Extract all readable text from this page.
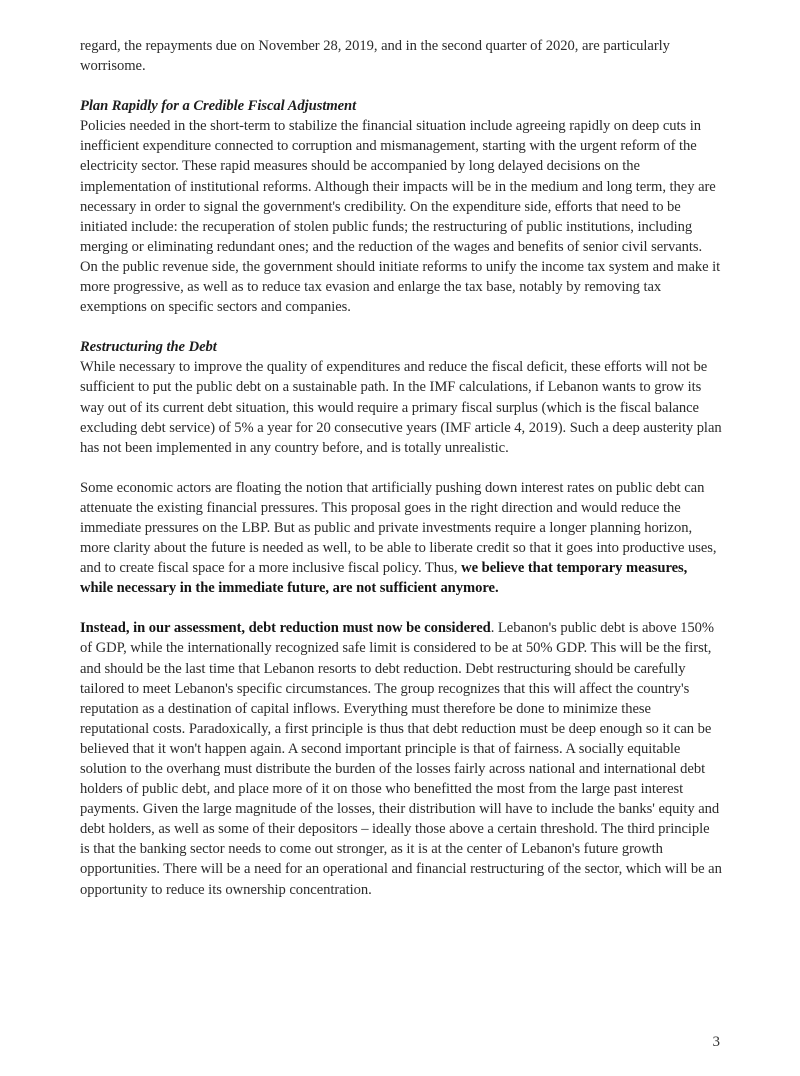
regard, the repayments due on November 28, 2019, and in the second quarter of 2020, are particularly worrisome.

Plan Rapidly for a Credible Fiscal Adjustment

Policies needed in the short-term to stabilize the financial situation include agreeing rapidly on deep cuts in inefficient expenditure connected to corruption and mismanagement, starting with the urgent reform of the electricity sector. These rapid measures should be accompanied by long delayed decisions on the implementation of institutional reforms. Although their impacts will be in the medium and long term, they are necessary in order to signal the government's credibility. On the expenditure side, efforts that need to be initiated include: the recuperation of stolen public funds; the restructuring of public institutions, including merging or eliminating redundant ones; and the reduction of the wages and benefits of senior civil servants. On the public revenue side, the government should initiate reforms to unify the income tax system and make it more progressive, as well as to reduce tax evasion and enlarge the tax base, notably by removing tax exemptions on specific sectors and companies.

Restructuring the Debt

While necessary to improve the quality of expenditures and reduce the fiscal deficit, these efforts will not be sufficient to put the public debt on a sustainable path. In the IMF calculations, if Lebanon wants to grow its way out of its current debt situation, this would require a primary fiscal surplus (which is the fiscal balance excluding debt service) of 5% a year for 20 consecutive years (IMF article 4, 2019). Such a deep austerity plan has not been implemented in any country before, and is totally unrealistic.

Some economic actors are floating the notion that artificially pushing down interest rates on public debt can attenuate the existing financial pressures. This proposal goes in the right direction and would reduce the immediate pressures on the LBP. But as public and private investments require a longer planning horizon, more clarity about the future is needed as well, to be able to liberate credit so that it goes into productive uses, and to create fiscal space for a more inclusive fiscal policy. Thus, we believe that temporary measures, while necessary in the immediate future, are not sufficient anymore.

Instead, in our assessment, debt reduction must now be considered. Lebanon's public debt is above 150% of GDP, while the internationally recognized safe limit is considered to be at 50% GDP. This will be the first, and should be the last time that Lebanon resorts to debt reduction. Debt restructuring should be carefully tailored to meet Lebanon's specific circumstances. The group recognizes that this will affect the country's reputation as a destination of capital inflows. Everything must therefore be done to minimize these reputational costs. Paradoxically, a first principle is thus that debt reduction must be deep enough so it can be believed that it won't happen again. A second important principle is that of fairness. A socially equitable solution to the overhang must distribute the burden of the losses fairly across national and international debt holders of public debt, and place more of it on those who benefitted the most from the large past interest payments. Given the large magnitude of the losses, their distribution will have to include the banks' equity and debt holders, as well as some of their depositors – ideally those above a certain threshold. The third principle is that the banking sector needs to come out stronger, as it is at the center of Lebanon's future growth opportunities. There will be a need for an operational and financial restructuring of the sector, which will be an opportunity to reduce its ownership concentration.

3
